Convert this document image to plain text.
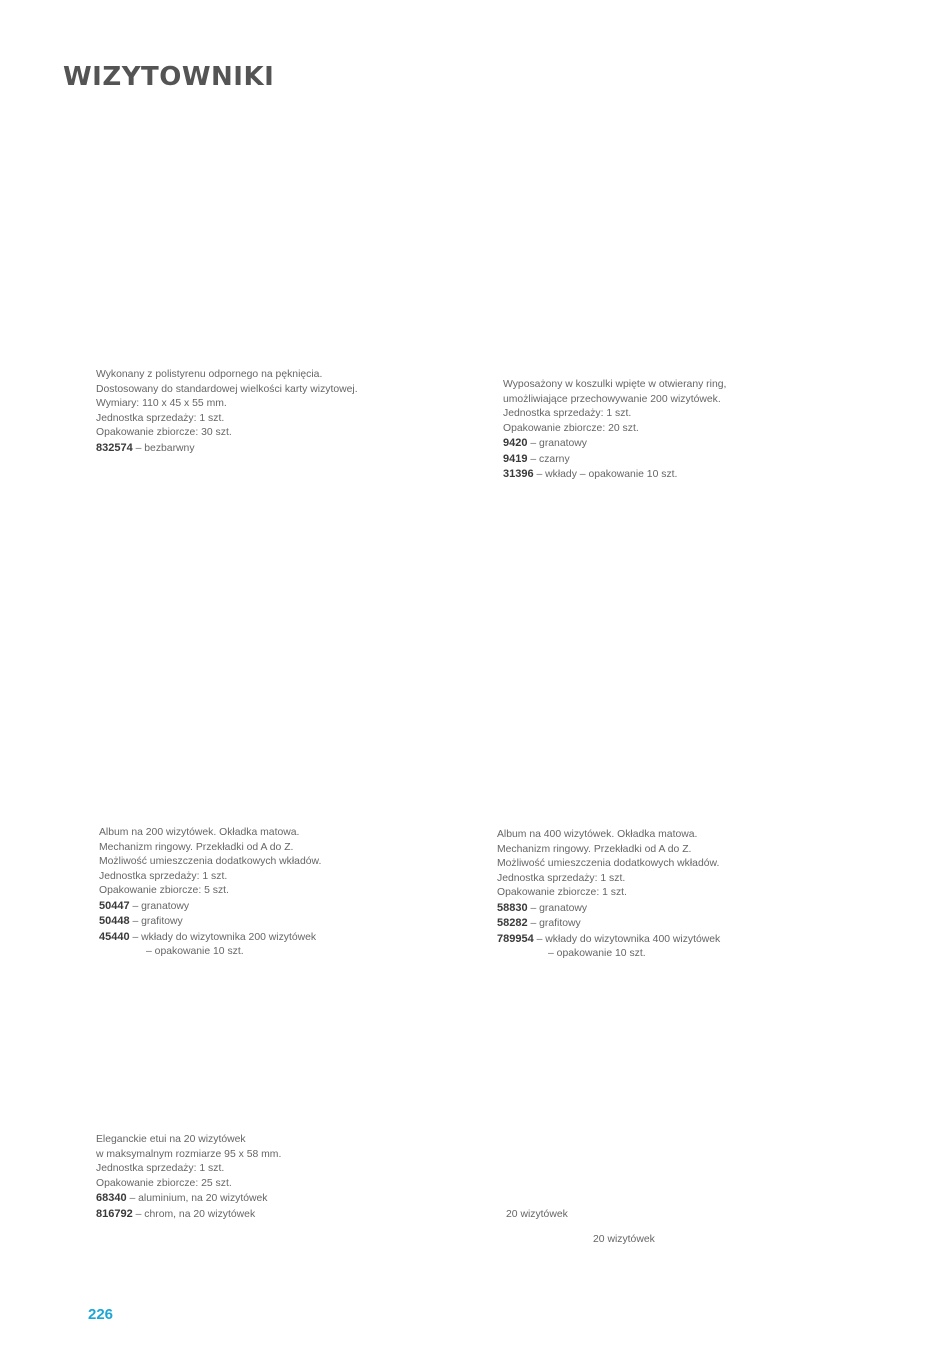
WIZYTOWNIKI
Wykonany z polistyrenu odpornego na pęknięcia.
Dostosowany do standardowej wielkości karty wizytowej.
Wymiary: 110 x 45 x 55 mm.
Jednostka sprzedaży: 1 szt.
Opakowanie zbiorcze: 30 szt.
832574 – bezbarwny
Wyposażony w koszulki wpięte w otwierany ring,
umożliwiające przechowywanie 200 wizytówek.
Jednostka sprzedaży: 1 szt.
Opakowanie zbiorcze: 20 szt.
9420 – granatowy
9419 – czarny
31396 – wkłady – opakowanie 10 szt.
Album na 200 wizytówek. Okładka matowa.
Mechanizm ringowy. Przekładki od A do Z.
Możliwość umieszczenia dodatkowych wkładów.
Jednostka sprzedaży: 1 szt.
Opakowanie zbiorcze: 5 szt.
50447 – granatowy
50448 – grafitowy
45440 – wkłady do wizytownika 200 wizytówek
– opakowanie 10 szt.
Album na 400 wizytówek. Okładka matowa.
Mechanizm ringowy. Przekładki od A do Z.
Możliwość umieszczenia dodatkowych wkładów.
Jednostka sprzedaży: 1 szt.
Opakowanie zbiorcze: 1 szt.
58830 – granatowy
58282 – grafitowy
789954 – wkłady do wizytownika 400 wizytówek
– opakowanie 10 szt.
Eleganckie etui na 20 wizytówek
w maksymalnym rozmiarze 95 x 58 mm.
Jednostka sprzedaży: 1 szt.
Opakowanie zbiorcze: 25 szt.
68340 – aluminium, na 20 wizytówek
816792 – chrom, na 20 wizytówek	20 wizytówek
20 wizytówek
226
